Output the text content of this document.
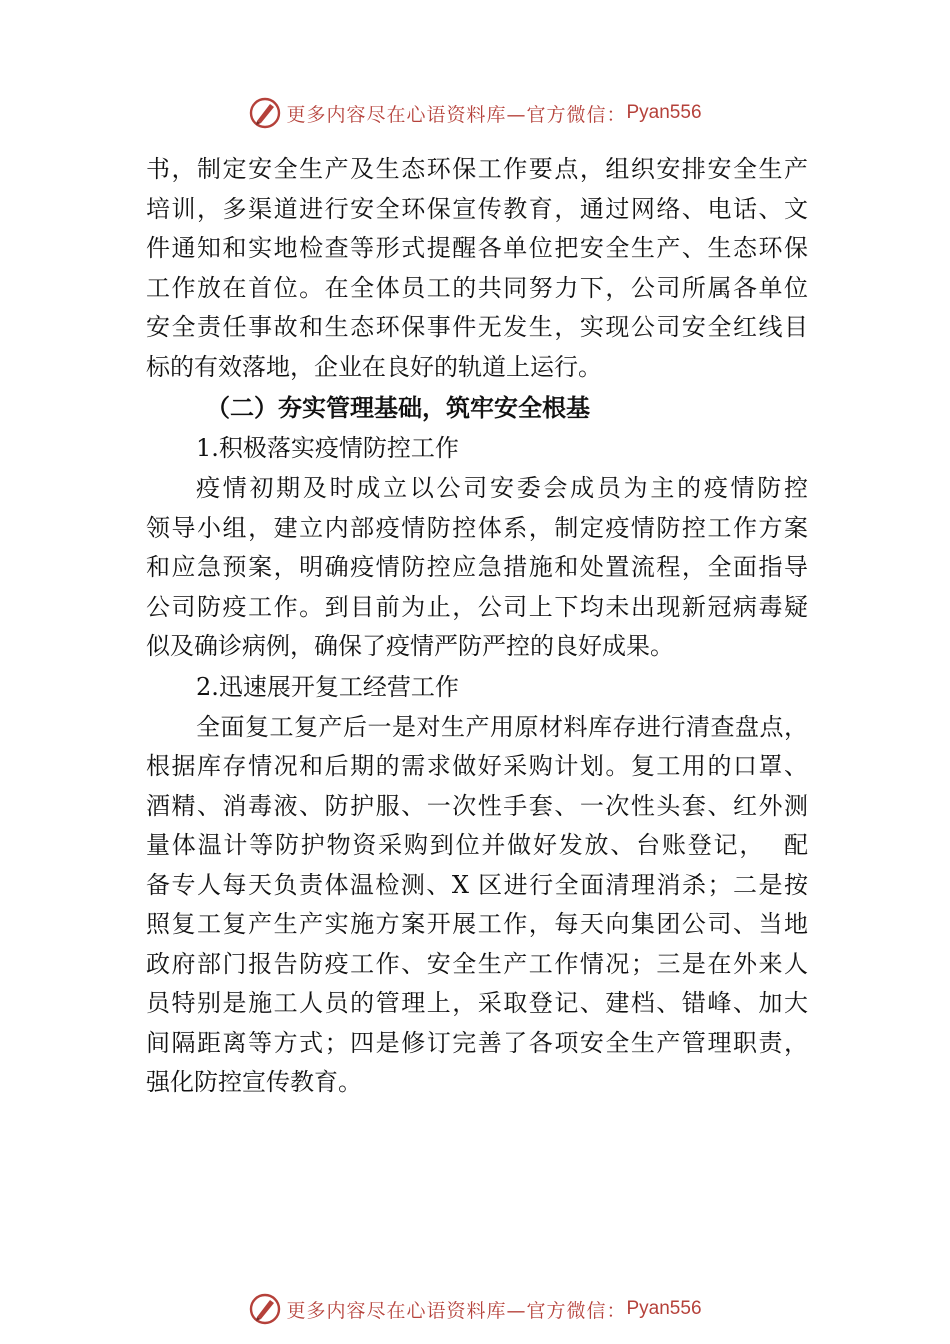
更多内容尽在心语资料库—官方微信： Pyan556

书，制定安全生产及生态环保工作要点，组织安排安全生产
培训，多渠道进行安全环保宣传教育，通过网络、电话、文
件通知和实地检查等形式提醒各单位把安全生产、生态环保
工作放在首位。在全体员工的共同努力下，公司所属各单位
安全责任事故和生态环保事件无发生，实现公司安全红线目
标的有效落地，企业在良好的轨道上运行。

（二）夯实管理基础，筑牢安全根基
1.积极落实疫情防控工作

疫情初期及时成立以公司安委会成员为主的疫情防控
领导小组，建立内部疫情防控体系，制定疫情防控工作方案
和应急预案，明确疫情防控应急措施和处置流程，全面指导
公司防疫工作。到目前为止，公司上下均未出现新冠病毒疑
似及确诊病例，确保了疫情严防严控的良好成果。

2.迅速展开复工经营工作

全面复工复产后一是对生产用原材料库存进行清查盘点，
根据库存情况和后期的需求做好采购计划。复工用的口罩、
酒精、消毒液、防护服、一次性手套、一次性头套、红外测
量体温计等防护物资采购到位并做好发放、台账登记，  配
备专人每天负责体温检测、X 区进行全面清理消杀；二是按
照复工复产生产实施方案开展工作，每天向集团公司、当地
政府部门报告防疫工作、安全生产工作情况；三是在外来人
员特别是施工人员的管理上，采取登记、建档、错峰、加大
间隔距离等方式；四是修订完善了各项安全生产管理职责，
强化防控宣传教育。

更多内容尽在心语资料库—官方微信： Pyan556
